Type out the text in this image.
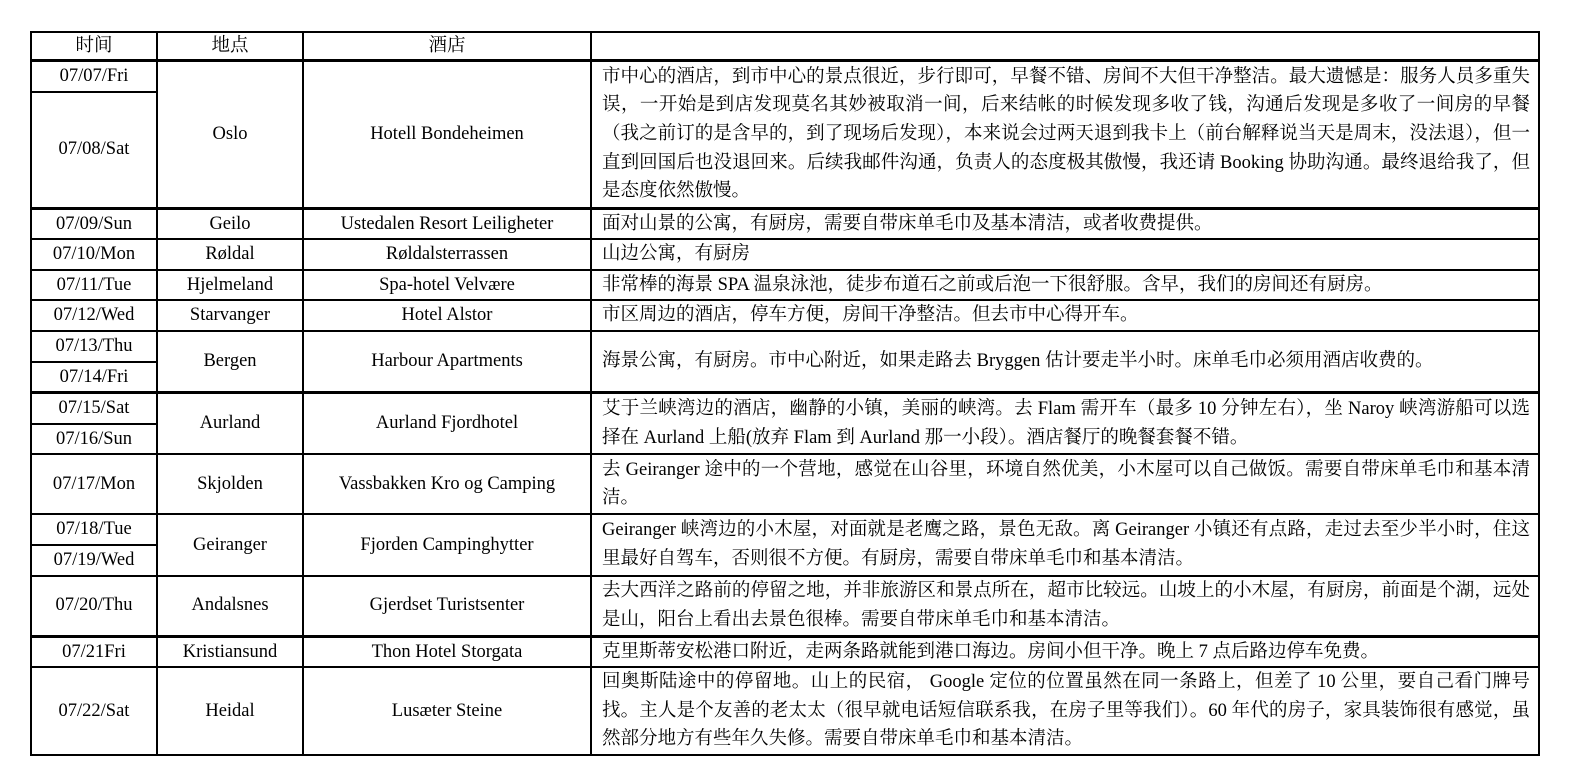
时间	地点	酒店	
07/07/Fri	Oslo	Hotell Bondeheimen	市中心的酒店，到市中心的景点很近，步行即可，早餐不错、房间不大但干净整洁。最大遗憾是：服务人员多重失误，一开始是到店发现莫名其妙被取消一间，后来结帐的时候发现多收了钱，沟通后发现是多收了一间房的早餐（我之前订的是含早的，到了现场后发现），本来说会过两天退到我卡上（前台解释说当天是周末，没法退），但一直到回国后也没退回来。后续我邮件沟通，负责人的态度极其傲慢，我还请 Booking 协助沟通。最终退给我了，但是态度依然傲慢。
07/08/Sat			
07/09/Sun	Geilo	Ustedalen Resort Leiligheter	面对山景的公寓，有厨房，需要自带床单毛巾及基本清洁，或者收费提供。
07/10/Mon	Røldal	Røldalsterrassen	山边公寓，有厨房
07/11/Tue	Hjelmeland	Spa-hotel Velvære	非常棒的海景 SPA 温泉泳池，徒步布道石之前或后泡一下很舒服。含早，我们的房间还有厨房。
07/12/Wed	Starvanger	Hotel Alstor	市区周边的酒店，停车方便，房间干净整洁。但去市中心得开车。
07/13/Thu	Bergen	Harbour Apartments	海景公寓，有厨房。市中心附近，如果走路去 Bryggen 估计要走半小时。床单毛巾必须用酒店收费的。
07/14/Fri			
07/15/Sat	Aurland	Aurland Fjordhotel	艾于兰峡湾边的酒店，幽静的小镇，美丽的峡湾。去 Flam 需开车（最多 10 分钟左右），坐 Naroy 峡湾游船可以选择在 Aurland 上船(放弃 Flam 到 Aurland 那一小段）。酒店餐厅的晚餐套餐不错。
07/16/Sun			
07/17/Mon	Skjolden	Vassbakken Kro og Camping	去 Geiranger 途中的一个营地，感觉在山谷里，环境自然优美，小木屋可以自己做饭。需要自带床单毛巾和基本清洁。
07/18/Tue	Geiranger	Fjorden Campinghytter	Geiranger 峡湾边的小木屋，对面就是老鹰之路，景色无敌。离 Geiranger 小镇还有点路，走过去至少半小时，住这里最好自驾车，否则很不方便。有厨房，需要自带床单毛巾和基本清洁。
07/19/Wed			
07/20/Thu	Andalsnes	Gjerdset Turistsenter	去大西洋之路前的停留之地，并非旅游区和景点所在，超市比较远。山坡上的小木屋，有厨房，前面是个湖，远处是山，阳台上看出去景色很棒。需要自带床单毛巾和基本清洁。
07/21Fri	Kristiansund	Thon Hotel Storgata	克里斯蒂安松港口附近，走两条路就能到港口海边。房间小但干净。晚上 7 点后路边停车免费。
07/22/Sat	Heidal	Lusæter Steine	回奥斯陆途中的停留地。山上的民宿， Google 定位的位置虽然在同一条路上，但差了 10 公里，要自己看门牌号找。主人是个友善的老太太（很早就电话短信联系我，在房子里等我们）。60 年代的房子，家具装饰很有感觉，虽然部分地方有些年久失修。需要自带床单毛巾和基本清洁。
